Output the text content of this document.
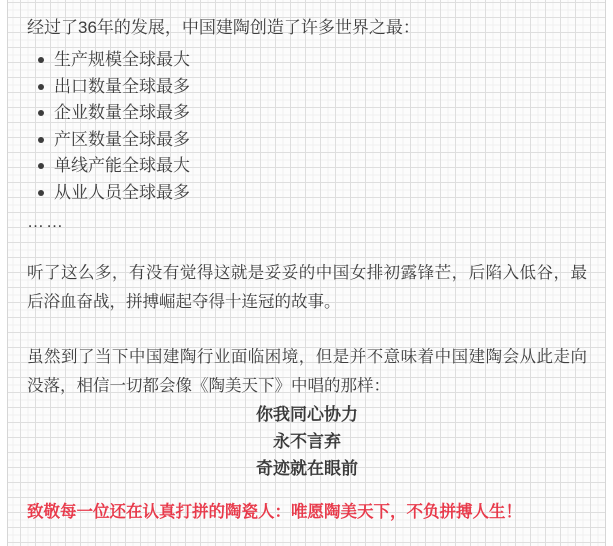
经过了36年的发展，中国建陶创造了许多世界之最：

生产规模全球最大
出口数量全球最多
企业数量全球最多
产区数量全球最多
单线产能全球最大
从业人员全球最多

……

听了这么多，有没有觉得这就是妥妥的中国女排初露锋芒，后陷入低谷，最后浴血奋战，拼搏崛起夺得十连冠的故事。

虽然到了当下中国建陶行业面临困境，但是并不意味着中国建陶会从此走向没落，相信一切都会像《陶美天下》中唱的那样：

你我同心协力

永不言弃

奇迹就在眼前

致敬每一位还在认真打拼的陶瓷人：唯愿陶美天下，不负拼搏人生！
